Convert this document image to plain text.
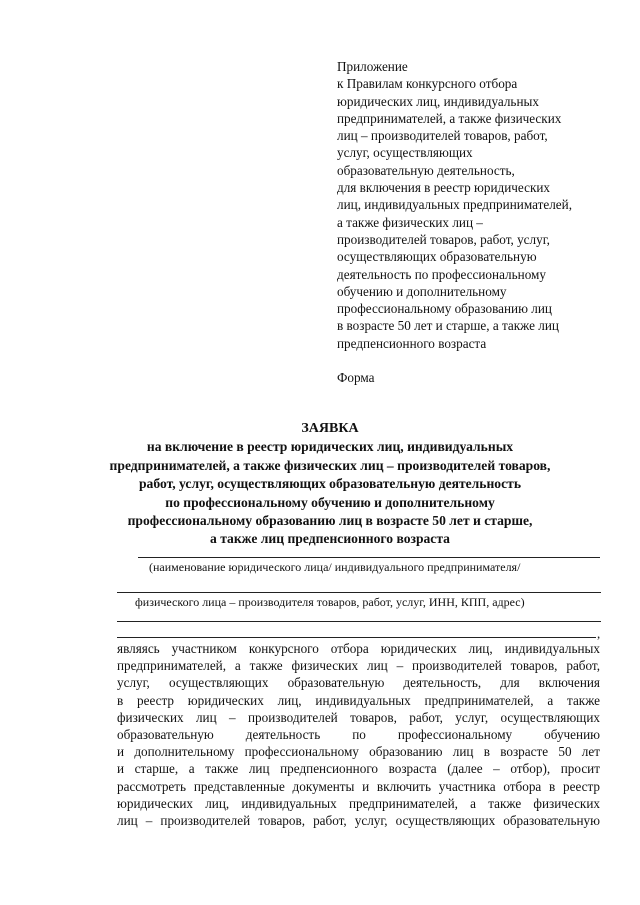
Приложение
к Правилам конкурсного отбора
юридических лиц, индивидуальных
предпринимателей, а также физических
лиц – производителей товаров, работ,
услуг, осуществляющих
образовательную деятельность,
для включения в реестр юридических
лиц, индивидуальных предпринимателей,
а также физических лиц –
производителей товаров, работ, услуг,
осуществляющих образовательную
деятельность по профессиональному
обучению и дополнительному
профессиональному образованию лиц
в возрасте 50 лет и старше, а также лиц
предпенсионного возраста
Форма
ЗАЯВКА
на включение в реестр юридических лиц, индивидуальных
предпринимателей, а также физических лиц – производителей товаров,
работ, услуг, осуществляющих образовательную деятельность
по профессиональному обучению и дополнительному
профессиональному образованию лиц в возрасте 50 лет и старше,
а также лиц предпенсионного возраста
(наименование юридического лица/ индивидуального предпринимателя/
физического лица – производителя товаров, работ, услуг, ИНН, КПП, адрес)
,
являясь участником конкурсного отбора юридических лиц, индивидуальных
предпринимателей, а также физических лиц – производителей товаров, работ,
услуг, осуществляющих образовательную деятельность, для включения
в реестр юридических лиц, индивидуальных предпринимателей, а также
физических лиц – производителей товаров, работ, услуг, осуществляющих
образовательную деятельность по профессиональному обучению
и дополнительному профессиональному образованию лиц в возрасте 50 лет
и старше, а также лиц предпенсионного возраста (далее – отбор), просит
рассмотреть представленные документы и включить участника отбора в реестр
юридических лиц, индивидуальных предпринимателей, а также физических
лиц – производителей товаров, работ, услуг, осуществляющих образовательную
